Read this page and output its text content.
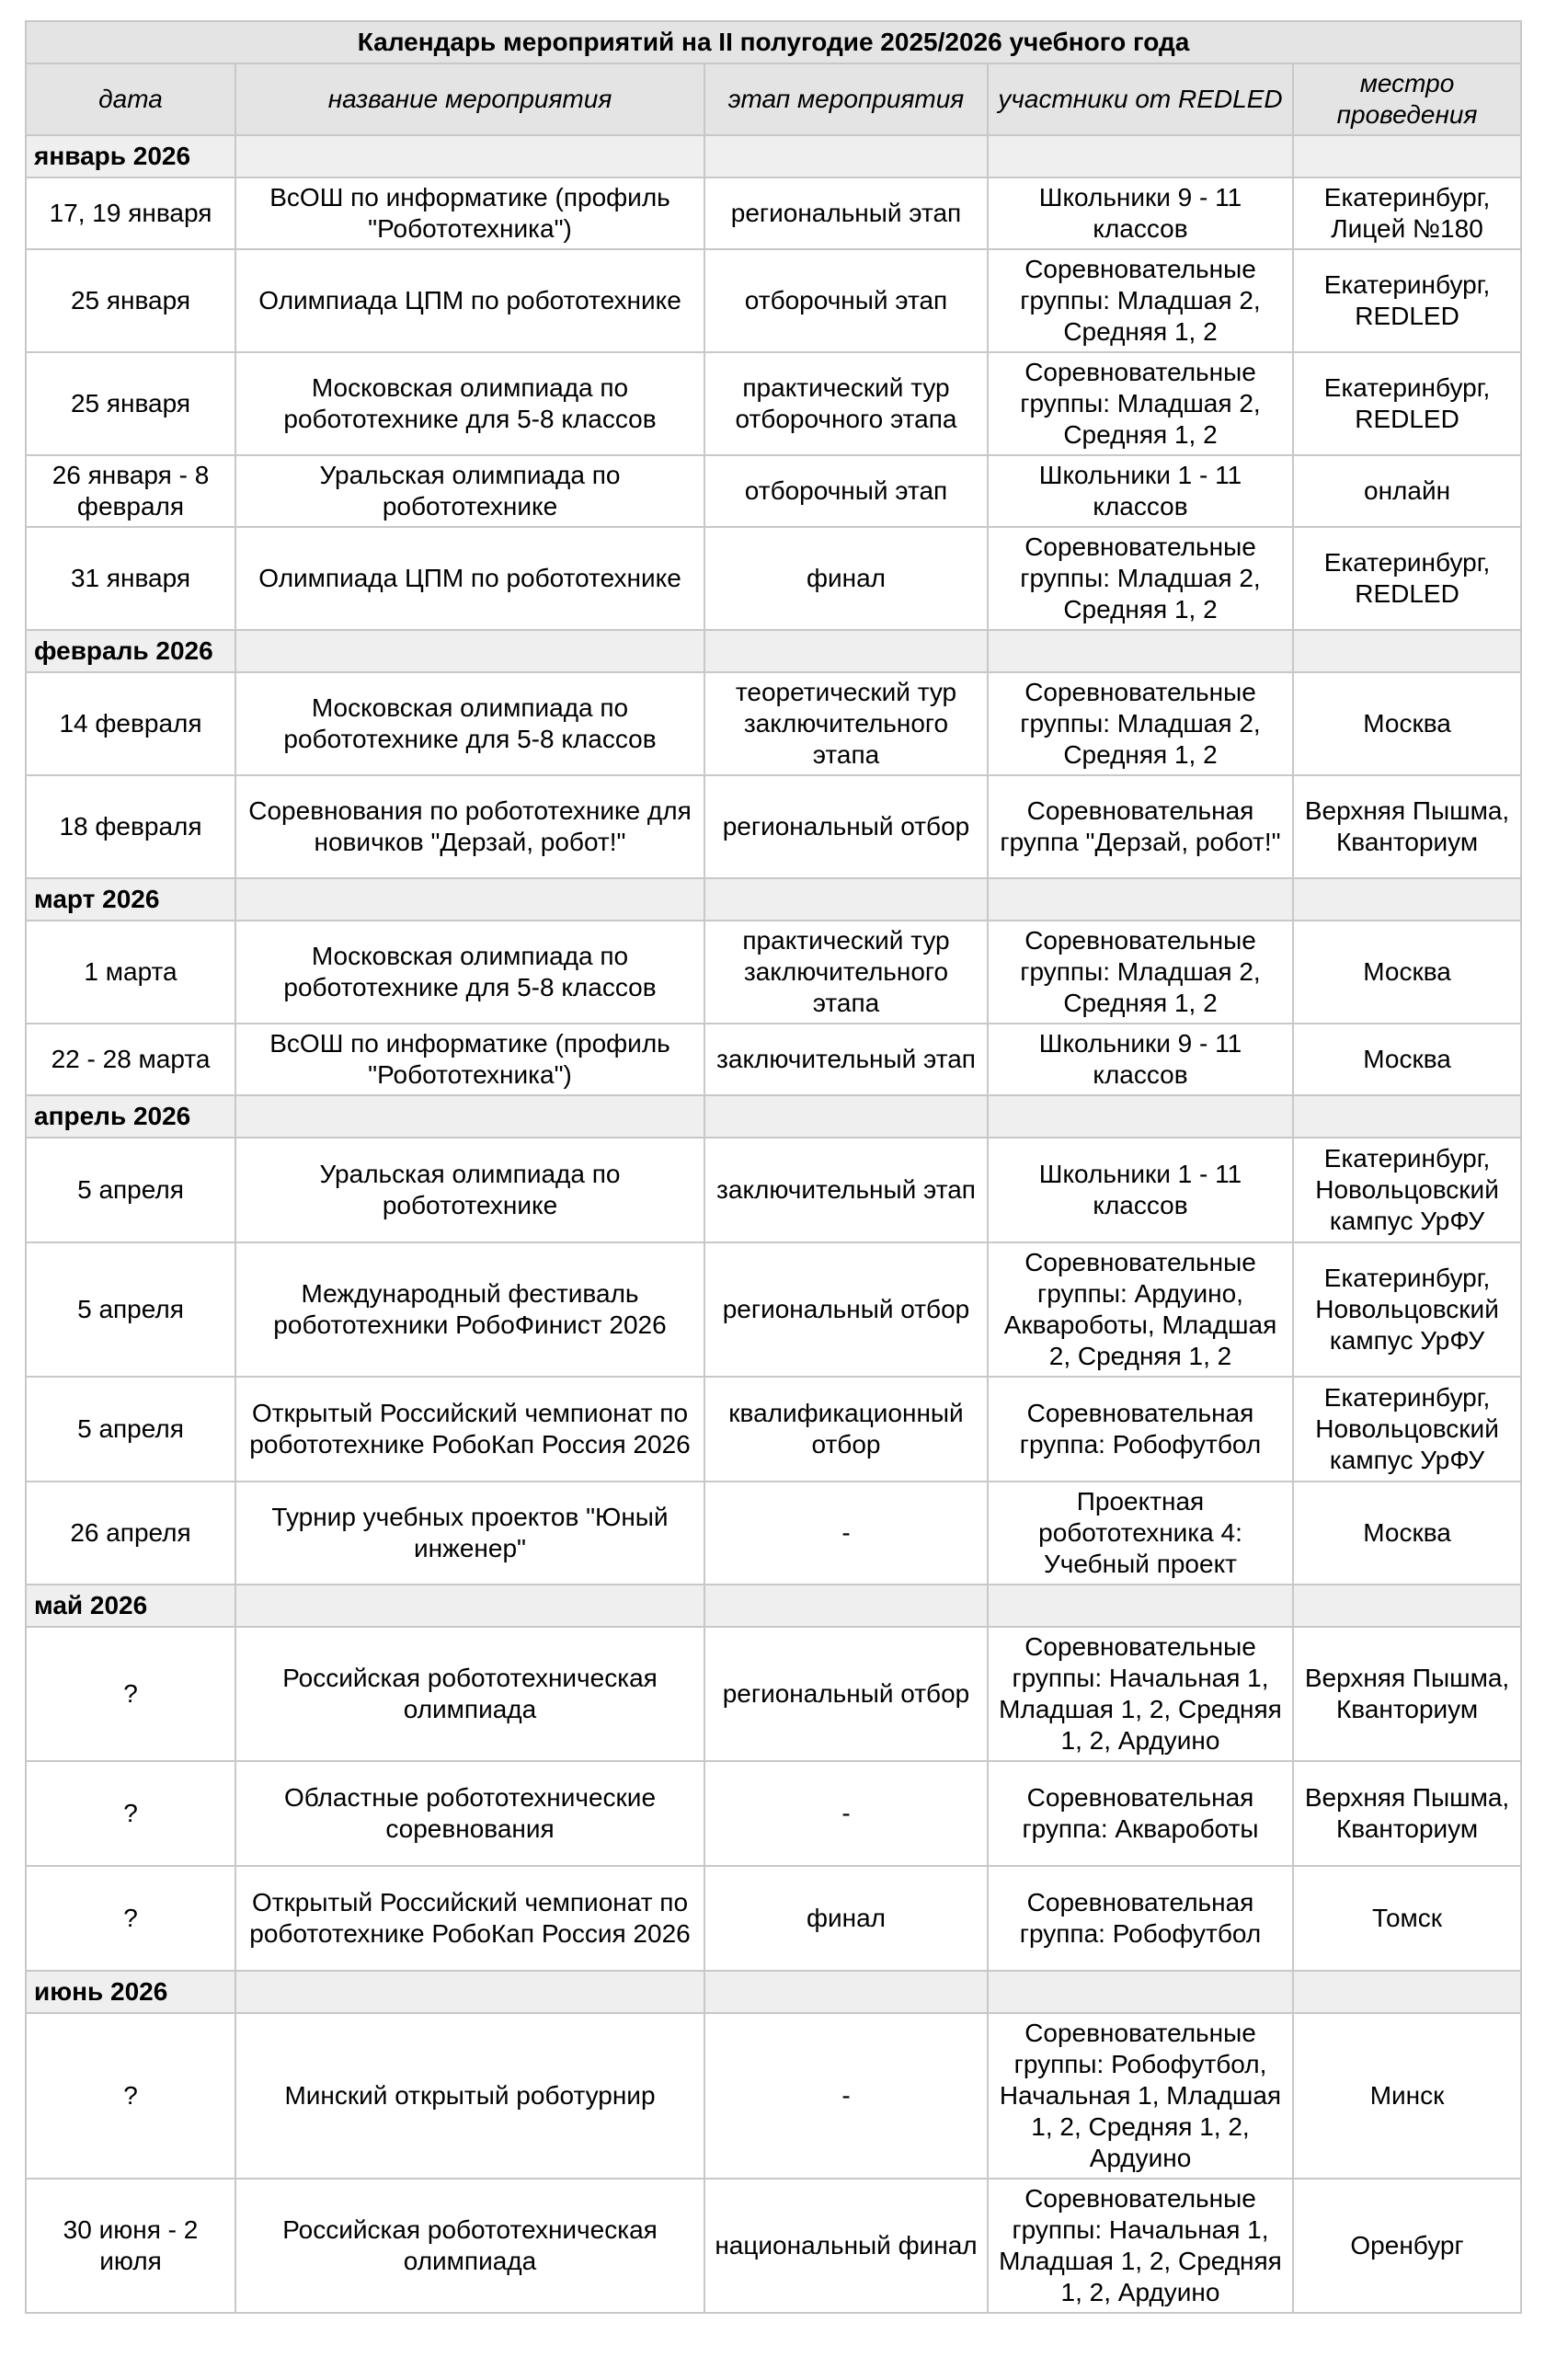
Календарь мероприятий на II полугодие 2025/2026 учебного года				
дата	название мероприятия	этап мероприятия	участники от REDLED	местро проведения
январь 2026				
17, 19 января	ВсОШ по информатике (профиль "Робототехника")	региональный этап	Школьники 9 - 11 классов	Екатеринбург, Лицей №180
25 января	Олимпиада ЦПМ по робототехнике	отборочный этап	Соревновательные группы: Младшая 2, Средняя 1, 2	Екатеринбург, REDLED
25 января	Московская олимпиада по робототехнике для 5-8 классов	практический тур отборочного этапа	Соревновательные группы: Младшая 2, Средняя 1, 2	Екатеринбург, REDLED
26 января - 8 февраля	Уральская олимпиада по робототехнике	отборочный этап	Школьники 1 - 11 классов	онлайн
31 января	Олимпиада ЦПМ по робототехнике	финал	Соревновательные группы: Младшая 2, Средняя 1, 2	Екатеринбург, REDLED
февраль 2026				
14 февраля	Московская олимпиада по робототехнике для 5-8 классов	теоретический тур заключительного этапа	Соревновательные группы: Младшая 2, Средняя 1, 2	Москва
18 февраля	Соревнования по робототехнике для новичков "Дерзай, робот!"	региональный отбор	Соревновательная группа "Дерзай, робот!"	Верхняя Пышма, Кванториум
март 2026				
1 марта	Московская олимпиада по робототехнике для 5-8 классов	практический тур заключительного этапа	Соревновательные группы: Младшая 2, Средняя 1, 2	Москва
22 - 28 марта	ВсОШ по информатике (профиль "Робототехника")	заключительный этап	Школьники 9 - 11 классов	Москва
апрель 2026				
5 апреля	Уральская олимпиада по робототехнике	заключительный этап	Школьники 1 - 11 классов	Екатеринбург, Новольцовский кампус УрФУ
5 апреля	Международный фестиваль робототехники РобоФинист 2026	региональный отбор	Соревновательные группы: Ардуино, Аквароботы, Младшая 2, Средняя 1, 2	Екатеринбург, Новольцовский кампус УрФУ
5 апреля	Открытый Российский чемпионат по робототехнике РобоКап Россия 2026	квалификационный отбор	Соревновательная группа: Робофутбол	Екатеринбург, Новольцовский кампус УрФУ
26 апреля	Турнир учебных проектов "Юный инженер"	-	Проектная робототехника 4: Учебный проект	Москва
май 2026				
?	Российская робототехническая олимпиада	региональный отбор	Соревновательные группы: Начальная 1, Младшая 1, 2, Средняя 1, 2, Ардуино	Верхняя Пышма, Кванториум
?	Областные робототехнические соревнования	-	Соревновательная группа: Аквароботы	Верхняя Пышма, Кванториум
?	Открытый Российский чемпионат по робототехнике РобоКап Россия 2026	финал	Соревновательная группа: Робофутбол	Томск
июнь 2026				
?	Минский открытый роботурнир	-	Соревновательные группы: Робофутбол, Начальная 1, Младшая 1, 2, Средняя 1, 2, Ардуино	Минск
30 июня - 2 июля	Российская робототехническая олимпиада	национальный финал	Соревновательные группы: Начальная 1, Младшая 1, 2, Средняя 1, 2, Ардуино	Оренбург
